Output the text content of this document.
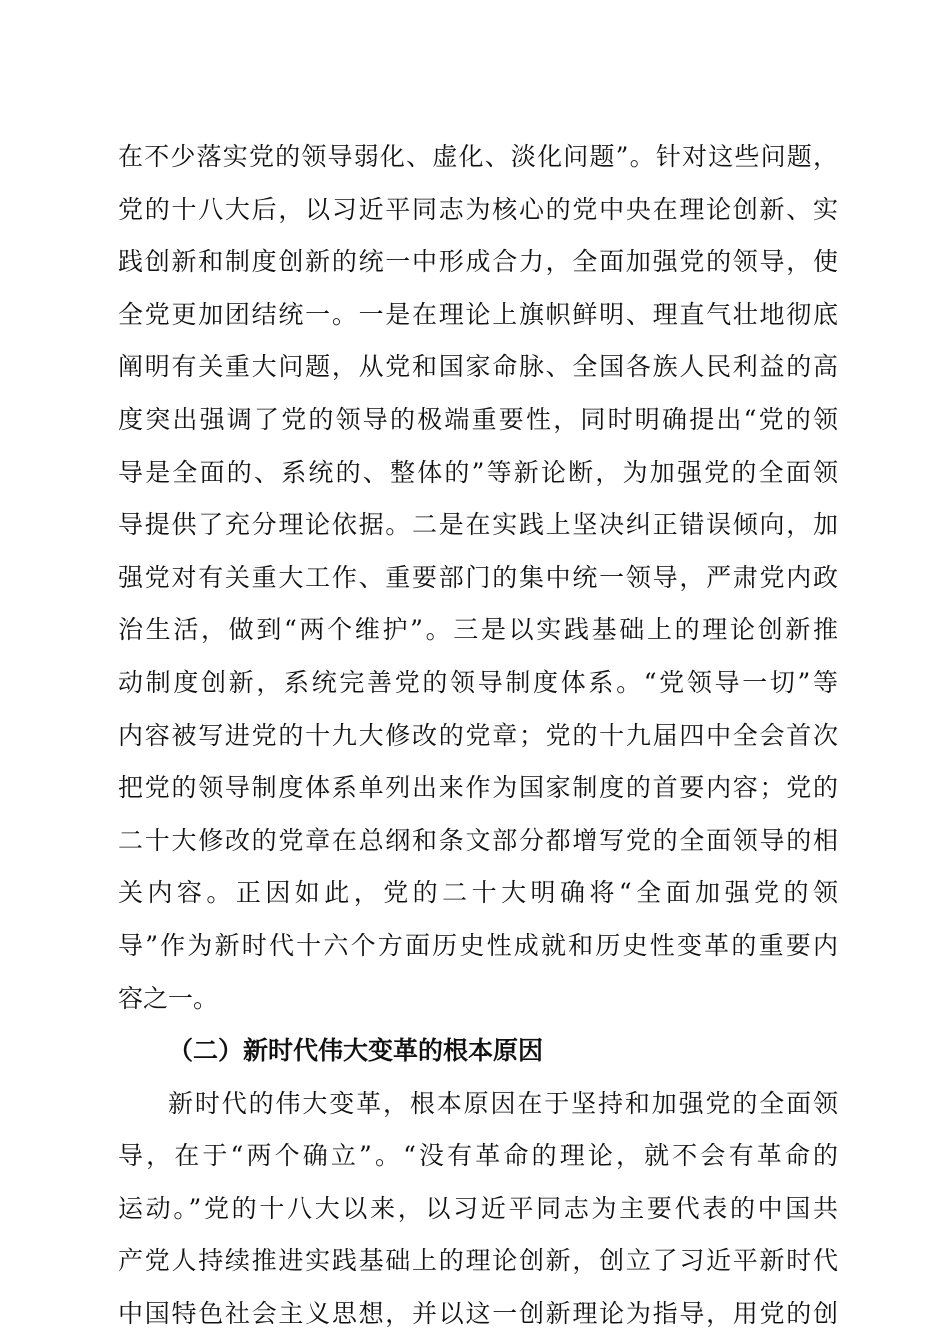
在不少落实党的领导弱化、虚化、淡化问题”。针对这些问题，
党的十八大后，以习近平同志为核心的党中央在理论创新、实
践创新和制度创新的统一中形成合力，全面加强党的领导，使
全党更加团结统一。一是在理论上旗帜鲜明、理直气壮地彻底
阐明有关重大问题，从党和国家命脉、全国各族人民利益的高
度突出强调了党的领导的极端重要性，同时明确提出“党的领
导是全面的、系统的、整体的”等新论断，为加强党的全面领
导提供了充分理论依据。二是在实践上坚决纠正错误倾向，加
强党对有关重大工作、重要部门的集中统一领导，严肃党内政
治生活，做到“两个维护”。三是以实践基础上的理论创新推
动制度创新，系统完善党的领导制度体系。“党领导一切”等
内容被写进党的十九大修改的党章；党的十九届四中全会首次
把党的领导制度体系单列出来作为国家制度的首要内容；党的
二十大修改的党章在总纲和条文部分都增写党的全面领导的相
关内容。正因如此，党的二十大明确将“全面加强党的领
导”作为新时代十六个方面历史性成就和历史性变革的重要内
容之一。
（二）新时代伟大变革的根本原因
新时代的伟大变革，根本原因在于坚持和加强党的全面领
导，在于“两个确立”。“没有革命的理论，就不会有革命的
运动。”党的十八大以来，以习近平同志为主要代表的中国共
产党人持续推进实践基础上的理论创新，创立了习近平新时代
中国特色社会主义思想，并以这一创新理论为指导，用党的创
